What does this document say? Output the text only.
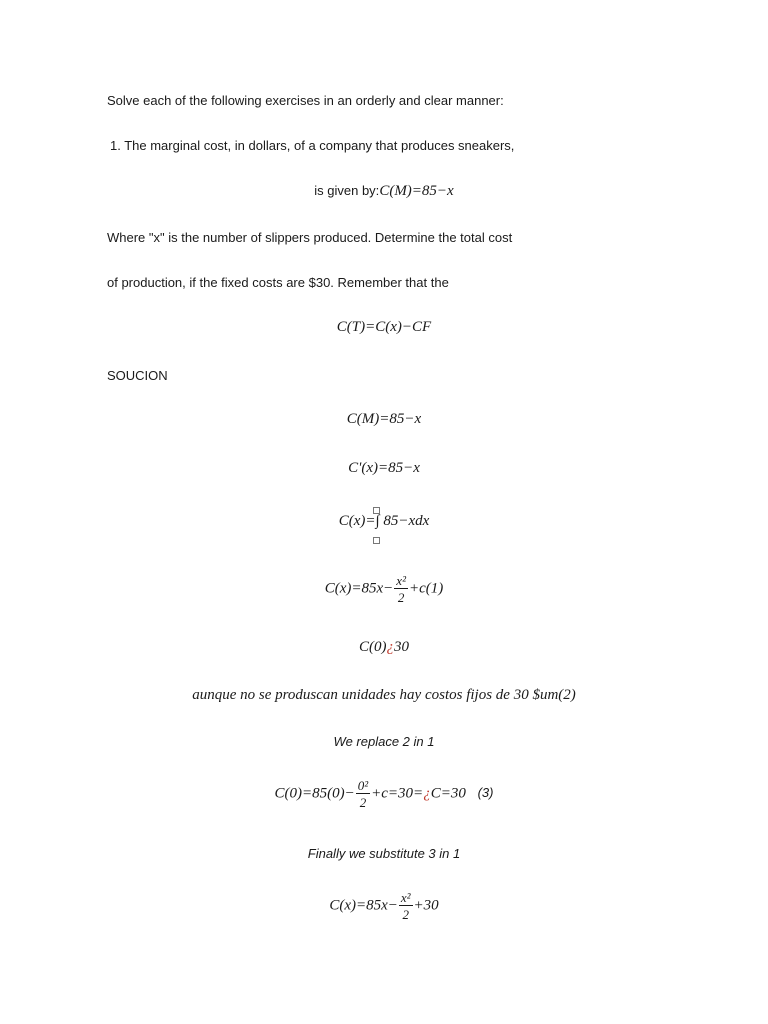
Solve each of the following exercises in an orderly and clear manner:
1. The marginal cost, in dollars, of a company that produces sneakers,
is given by:C(M)=85−x
Where "x" is the number of slippers produced. Determine the total cost
of production, if the fixed costs are $30. Remember that the
C(T)=C(x)−CF
SOUCION
C(M)=85−x
C'(x)=85−x
C(x)=∫ 85−xdx
$C(x)=85x- \frac{\text{x²}}{2} +c(1)$
C(0)¿30
aunque no se produscan unidades hay costos fijos de 30 $um(2)
We replace 2 in 1
$C(0)=85(0)- \frac{\text{0²}}{2}$ +c=30=¿C=30 (3)
Finally we substitute 3 in 1
$C(x)=85x- \frac{\text{x²}}{2} +30$
